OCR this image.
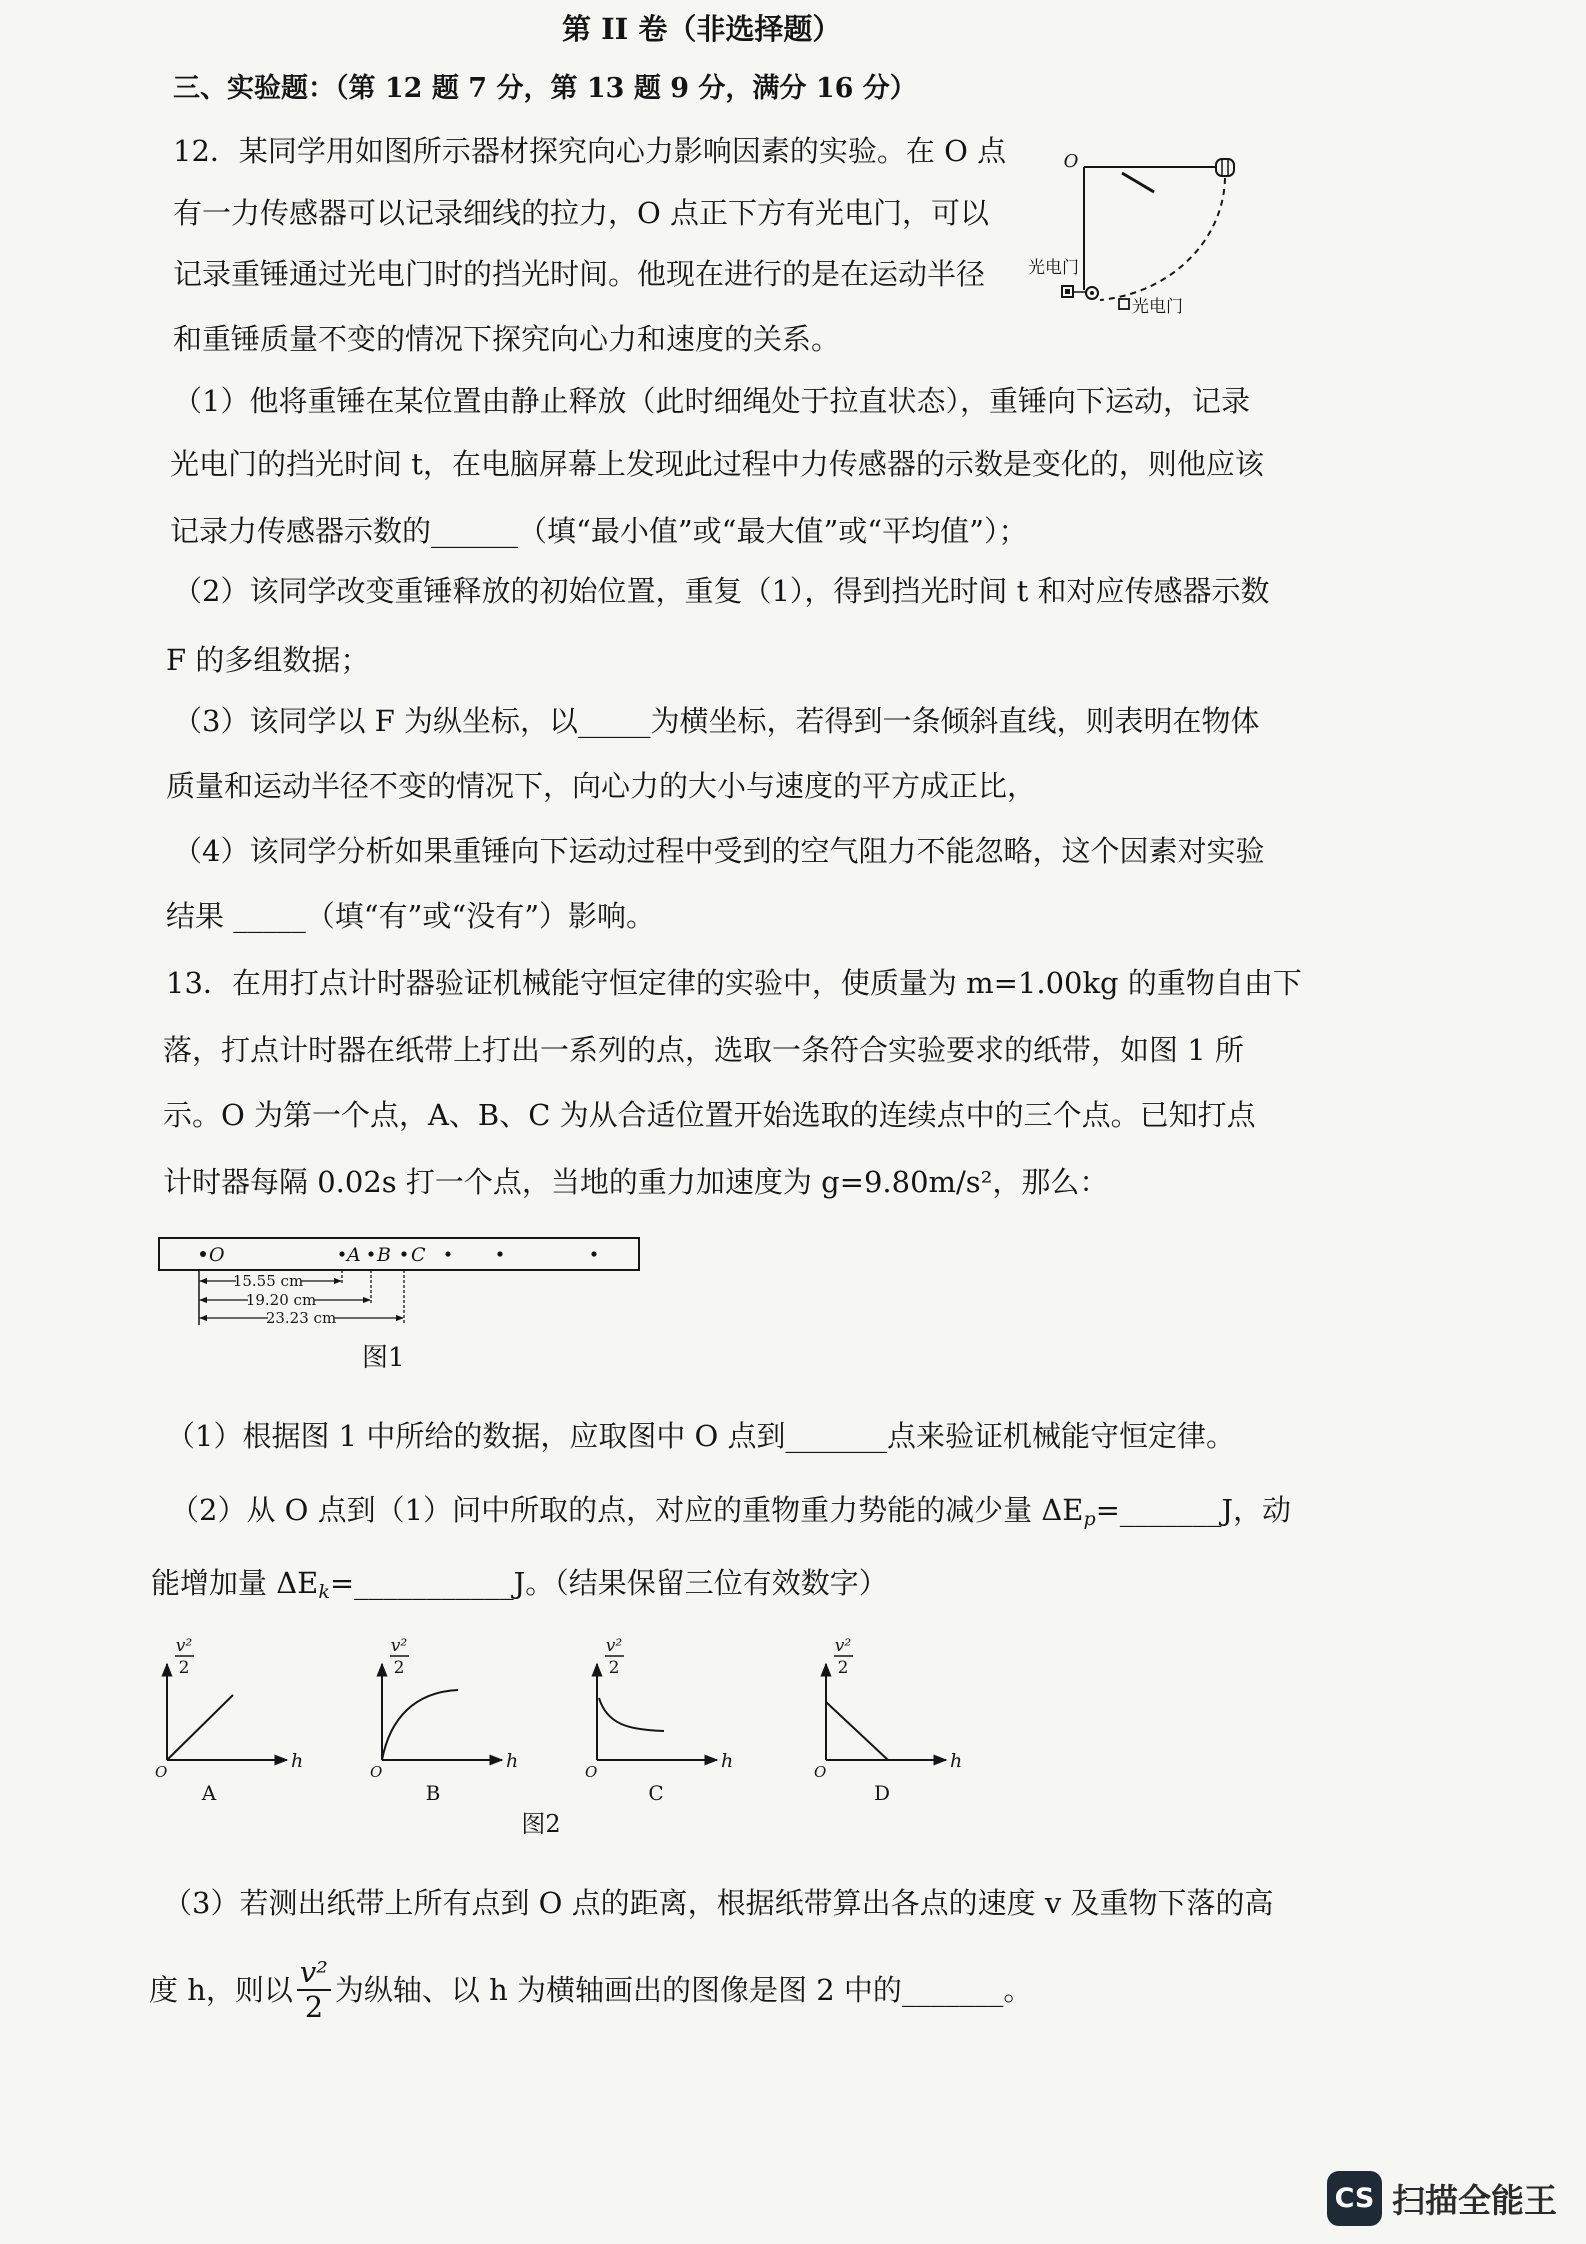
第 II 卷（非选择题）
三、实验题：（第 12 题 7 分，第 13 题 9 分，满分 16 分）
12．某同学用如图所示器材探究向心力影响因素的实验。在 O 点
有一力传感器可以记录细线的拉力，O 点正下方有光电门，可以
记录重锤通过光电门时的挡光时间。他现在进行的是在运动半径
和重锤质量不变的情况下探究向心力和速度的关系。
O
光电门
光电门
（1）他将重锤在某位置由静止释放（此时细绳处于拉直状态），重锤向下运动，记录
光电门的挡光时间 t，在电脑屏幕上发现此过程中力传感器的示数是变化的，则他应该
记录力传感器示数的______（填“最小值”或“最大值”或“平均值”）；
（2）该同学改变重锤释放的初始位置，重复（1），得到挡光时间 t 和对应传感器示数
F 的多组数据；
（3）该同学以 F 为纵坐标，以_____为横坐标，若得到一条倾斜直线，则表明在物体
质量和运动半径不变的情况下，向心力的大小与速度的平方成正比，
（4）该同学分析如果重锤向下运动过程中受到的空气阻力不能忽略，这个因素对实验
结果 _____（填“有”或“没有”）影响。
13．在用打点计时器验证机械能守恒定律的实验中，使质量为 m=1.00kg 的重物自由下
落，打点计时器在纸带上打出一系列的点，选取一条符合实验要求的纸带，如图 1 所
示。O 为第一个点，A、B、C 为从合适位置开始选取的连续点中的三个点。已知打点
计时器每隔 0.02s 打一个点，当地的重力加速度为 g=9.80m/s²，那么：
O	A B C
15.55 cm
19.20 cm
23.23 cm
图1
（1）根据图 1 中所给的数据，应取图中 O 点到_______点来验证机械能守恒定律。
（2）从 O 点到（1）问中所取的点，对应的重物重力势能的减少量 $\Delta E_p=\_\_\_\_\_\_\_J$，动
能增加量 $\Delta E_k=\_\_\_\_\_\_\_\_\_\_\_J$。（结果保留三位有效数字）
v²
2
h
O
A
v²
2
h
O
B
v²
2
h
O
C
v²
2
h
O
D
图2
（3）若测出纸带上所有点到 O 点的距离，根据纸带算出各点的速度 v 及重物下落的高
度 h，则以 $\frac{\text{v²}}{2}$ 为纵轴、以 h 为横轴画出的图像是图 2 中的_______。
CS 扫描全能王
